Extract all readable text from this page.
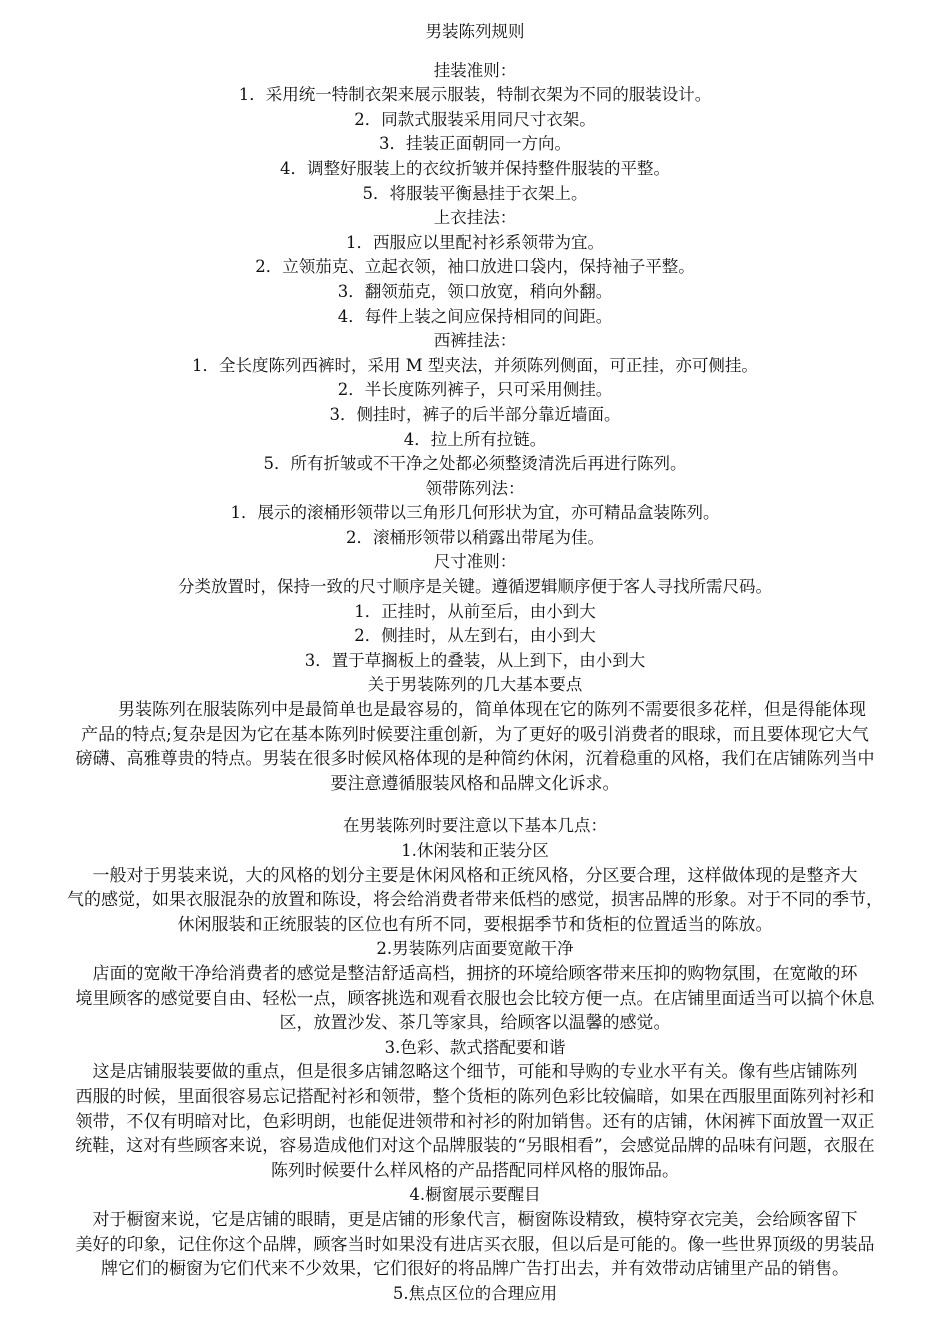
男装陈列规则

挂装准则：

1．采用统一特制衣架来展示服装，特制衣架为不同的服装设计。

2．同款式服装采用同尺寸衣架。

3．挂装正面朝同一方向。

4．调整好服装上的衣纹折皱并保持整件服装的平整。

5．将服装平衡悬挂于衣架上。

上衣挂法：

1．西服应以里配衬衫系领带为宜。

2．立领茄克、立起衣领，袖口放进口袋内，保持袖子平整。

3．翻领茄克，领口放宽，稍向外翻。

4．每件上装之间应保持相同的间距。

西裤挂法：

1．全长度陈列西裤时，采用 M 型夹法，并须陈列侧面，可正挂，亦可侧挂。

2．半长度陈列裤子，只可采用侧挂。

3．侧挂时，裤子的后半部分靠近墙面。

4．拉上所有拉链。

5．所有折皱或不干净之处都必须整烫清洗后再进行陈列。

领带陈列法：

1．展示的滚桶形领带以三角形几何形状为宜，亦可精品盒装陈列。

2．滚桶形领带以稍露出带尾为佳。

尺寸准则：

分类放置时，保持一致的尺寸顺序是关键。遵循逻辑顺序便于客人寻找所需尺码。

1．正挂时，从前至后，由小到大

2．侧挂时，从左到右，由小到大

3．置于草搁板上的叠装，从上到下，由小到大

关于男装陈列的几大基本要点

　　男装陈列在服装陈列中是最简单也是最容易的，简单体现在它的陈列不需要很多花样，但是得能体现

产品的特点;复杂是因为它在基本陈列时候要注重创新，为了更好的吸引消费者的眼球，而且要体现它大气

磅礴、高雅尊贵的特点。男装在很多时候风格体现的是种简约休闲，沉着稳重的风格，我们在店铺陈列当中

要注意遵循服装风格和品牌文化诉求。

在男装陈列时要注意以下基本几点：

1.休闲装和正装分区

一般对于男装来说，大的风格的划分主要是休闲风格和正统风格，分区要合理，这样做体现的是整齐大

气的感觉，如果衣服混杂的放置和陈设，将会给消费者带来低档的感觉，损害品牌的形象。对于不同的季节，

休闲服装和正统服装的区位也有所不同，要根据季节和货柜的位置适当的陈放。

2.男装陈列店面要宽敞干净

店面的宽敞干净给消费者的感觉是整洁舒适高档，拥挤的环境给顾客带来压抑的购物氛围，在宽敞的环

境里顾客的感觉要自由、轻松一点，顾客挑选和观看衣服也会比较方便一点。在店铺里面适当可以搞个休息

区，放置沙发、茶几等家具，给顾客以温馨的感觉。

3.色彩、款式搭配要和谐

这是店铺服装要做的重点，但是很多店铺忽略这个细节，可能和导购的专业水平有关。像有些店铺陈列

西服的时候，里面很容易忘记搭配衬衫和领带，整个货柜的陈列色彩比较偏暗，如果在西服里面陈列衬衫和

领带，不仅有明暗对比，色彩明朗，也能促进领带和衬衫的附加销售。还有的店铺，休闲裤下面放置一双正

统鞋，这对有些顾客来说，容易造成他们对这个品牌服装的“另眼相看”，会感觉品牌的品味有问题，衣服在

陈列时候要什么样风格的产品搭配同样风格的服饰品。

4.橱窗展示要醒目

对于橱窗来说，它是店铺的眼睛，更是店铺的形象代言，橱窗陈设精致，模特穿衣完美，会给顾客留下

美好的印象，记住你这个品牌，顾客当时如果没有进店买衣服，但以后是可能的。像一些世界顶级的男装品

牌它们的橱窗为它们代来不少效果，它们很好的将品牌广告打出去，并有效带动店铺里产品的销售。

5.焦点区位的合理应用
